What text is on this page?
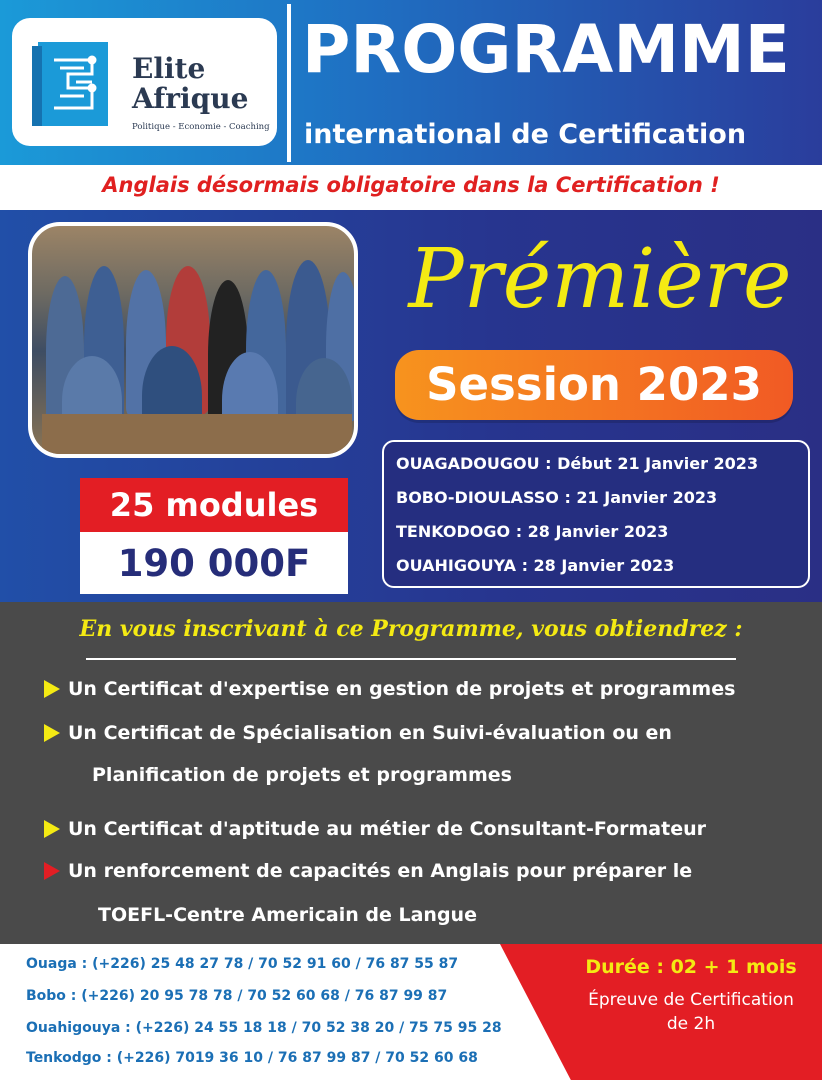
Elite
Afrique
Politique - Economie - Coaching
PROGRAMME
international de Certification
Anglais désormais obligatoire dans la Certification !
Prémière
Session 2023
25 modules
190 000F
OUAGADOUGOU : Début 21 Janvier 2023
BOBO-DIOULASSO : 21 Janvier 2023
TENKODOGO : 28 Janvier 2023
OUAHIGOUYA : 28 Janvier 2023
En vous inscrivant à ce Programme, vous obtiendrez :
Un Certificat d'expertise en gestion de projets et programmes
Un Certificat de Spécialisation en Suivi-évaluation ou en
Planification de projets et programmes
Un Certificat d'aptitude au métier de Consultant-Formateur
Un renforcement de capacités en Anglais pour préparer le
TOEFL-Centre Americain de Langue
Ouaga : (+226) 25 48 27 78 / 70 52 91 60 / 76 87 55 87
Bobo : (+226) 20 95 78 78 / 70 52 60 68 / 76 87 99 87
Ouahigouya : (+226) 24 55 18 18 / 70 52 38 20 / 75 75 95 28
Tenkodgo : (+226) 7019 36 10 / 76 87 99 87 / 70 52 60 68
Durée : 02 + 1 mois
Épreuve de Certification
de 2h
